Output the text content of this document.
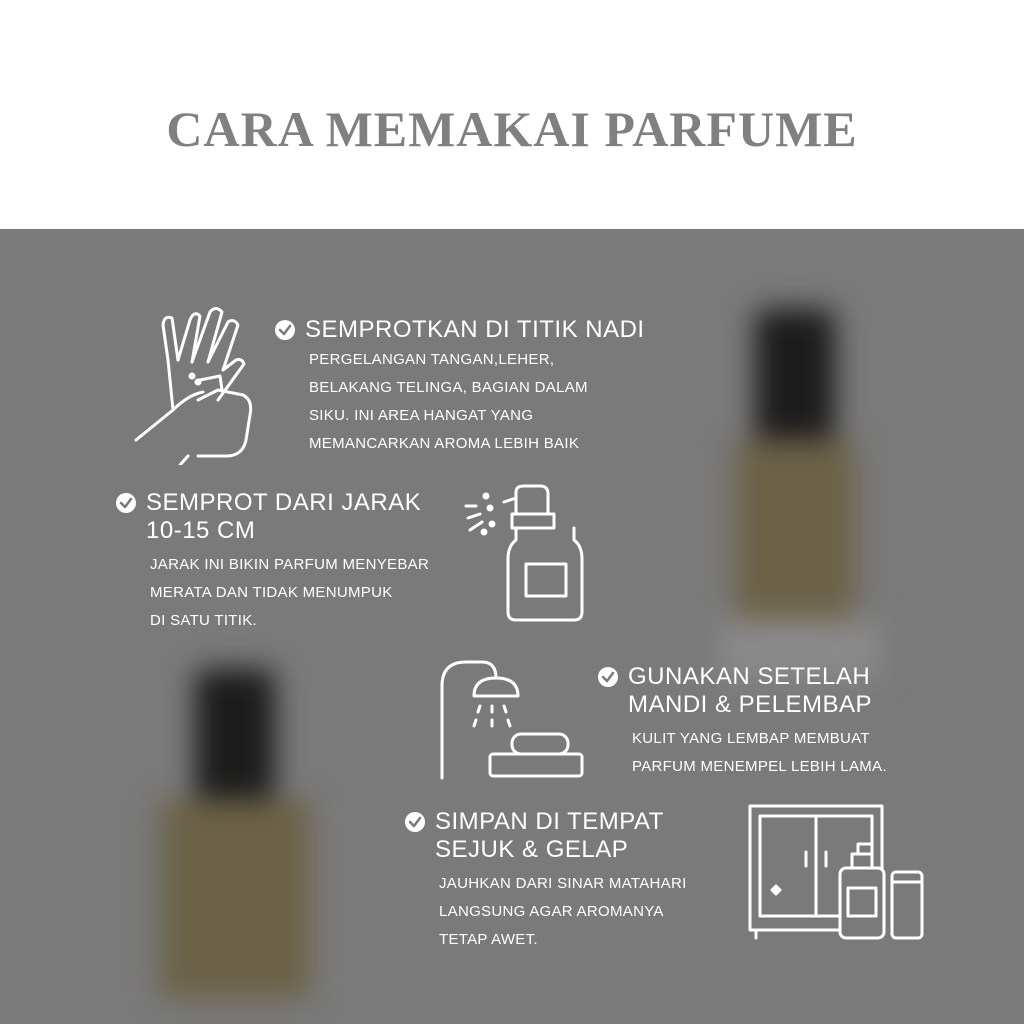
CARA MEMAKAI PARFUME
SEMPROTKAN DI TITIK NADI
PERGELANGAN TANGAN,LEHER,
BELAKANG TELINGA, BAGIAN DALAM
SIKU. INI AREA HANGAT YANG
MEMANCARKAN AROMA LEBIH BAIK
SEMPROT DARI JARAK
10-15 CM
JARAK INI BIKIN PARFUM MENYEBAR
MERATA DAN TIDAK MENUMPUK
DI SATU TITIK.
GUNAKAN SETELAH
MANDI & PELEMBAP
KULIT YANG LEMBAP MEMBUAT
PARFUM MENEMPEL LEBIH LAMA.
SIMPAN DI TEMPAT
SEJUK & GELAP
JAUHKAN DARI SINAR MATAHARI
LANGSUNG AGAR AROMANYA
TETAP AWET.
